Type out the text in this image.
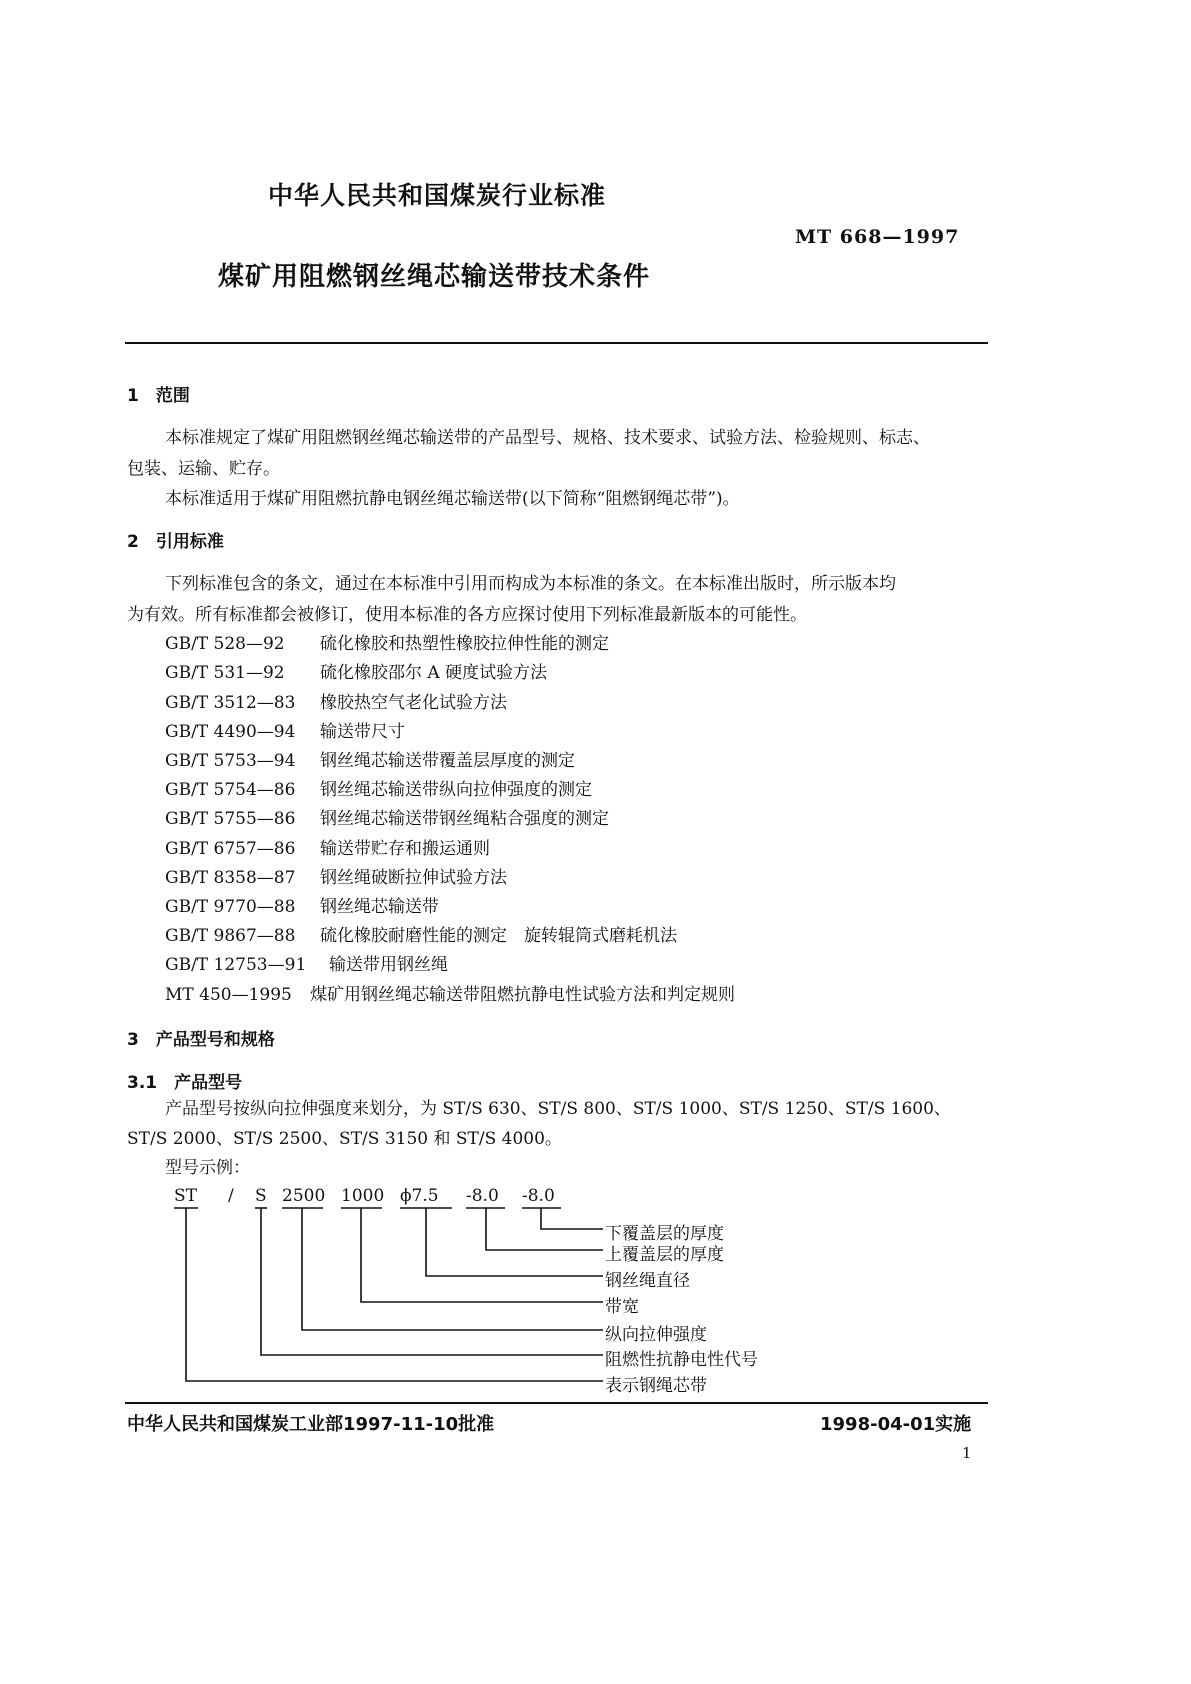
中华人民共和国煤炭行业标准
MT 668—1997
煤矿用阻燃钢丝绳芯输送带技术条件
1　范围
本标准规定了煤矿用阻燃钢丝绳芯输送带的产品型号、规格、技术要求、试验方法、检验规则、标志、
包装、运输、贮存。
本标准适用于煤矿用阻燃抗静电钢丝绳芯输送带(以下简称“阻燃钢绳芯带”)。
2　引用标准
下列标准包含的条文，通过在本标准中引用而构成为本标准的条文。在本标准出版时，所示版本均
为有效。所有标准都会被修订，使用本标准的各方应探讨使用下列标准最新版本的可能性。
GB/T 528—92 硫化橡胶和热塑性橡胶拉伸性能的测定
GB/T 531—92 硫化橡胶邵尔 A 硬度试验方法
GB/T 3512—83 橡胶热空气老化试验方法
GB/T 4490—94 输送带尺寸
GB/T 5753—94 钢丝绳芯输送带覆盖层厚度的测定
GB/T 5754—86 钢丝绳芯输送带纵向拉伸强度的测定
GB/T 5755—86 钢丝绳芯输送带钢丝绳粘合强度的测定
GB/T 6757—86 输送带贮存和搬运通则
GB/T 8358—87 钢丝绳破断拉伸试验方法
GB/T 9770—88 钢丝绳芯输送带
GB/T 9867—88 硫化橡胶耐磨性能的测定　旋转辊筒式磨耗机法
GB/T 12753—91 输送带用钢丝绳
MT 450—1995 煤矿用钢丝绳芯输送带阻燃抗静电性试验方法和判定规则
3　产品型号和规格
3.1　产品型号
产品型号按纵向拉伸强度来划分，为 ST/S 630、ST/S 800、ST/S 1000、ST/S 1250、ST/S 1600、
ST/S 2000、ST/S 2500、ST/S 3150 和 ST/S 4000。
型号示例：
ST / S 2500 1000 ϕ7.5 -8.0 -8.0
下覆盖层的厚度
上覆盖层的厚度
钢丝绳直径
带宽
纵向拉伸强度
阻燃性抗静电性代号
表示钢绳芯带
中华人民共和国煤炭工业部1997-11-10批准	1998-04-01实施
1
